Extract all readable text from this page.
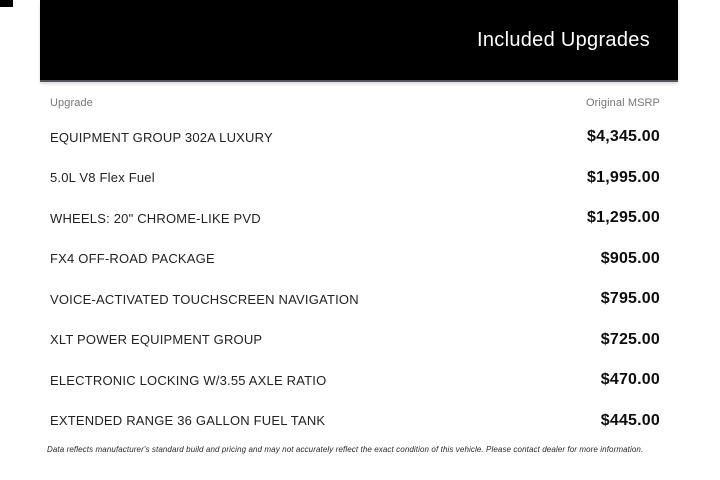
Included Upgrades
Upgrade	Original MSRP
EQUIPMENT GROUP 302A LUXURY	$4,345.00
5.0L V8 Flex Fuel	$1,995.00
WHEELS: 20" CHROME-LIKE PVD	$1,295.00
FX4 OFF-ROAD PACKAGE	$905.00
VOICE-ACTIVATED TOUCHSCREEN NAVIGATION	$795.00
XLT POWER EQUIPMENT GROUP	$725.00
ELECTRONIC LOCKING W/3.55 AXLE RATIO	$470.00
EXTENDED RANGE 36 GALLON FUEL TANK	$445.00
Data reflects manufacturer's standard build and pricing and may not accurately reflect the exact condition of this vehicle. Please contact dealer for more information.
